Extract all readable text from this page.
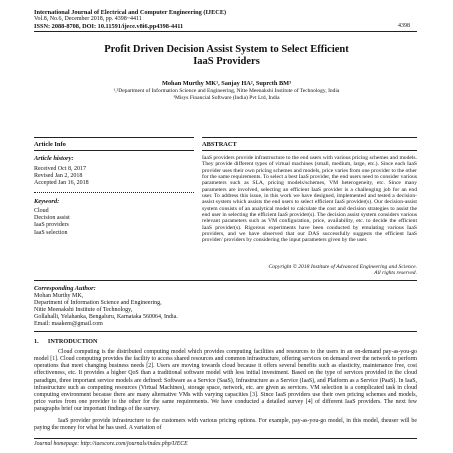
International Journal of Electrical and Computer Engineering (IJECE)
Vol.8, No.6, December 2018, pp. 4398~4411
ISSN: 2088-8708, DOI: 10.11591/ijece.v8i6.pp4398-4411	4398
Profit Driven Decision Assist System to Select Efficient
IaaS Providers
Mohan Murthy MK¹, Sanjay HA², Suprcth BM³
¹,²Department of Information Science and Engineering, Nitte Meenakshi Institute of Technology, India
³Misys Financial Software (India) Pvt Ltd, India
Article Info
Article history:
Received Oct 8, 2017
Revised Jan 2, 2018
Accepted Jan 16, 2018
Keyword:
Cloud
Decision assist
IaaS providers
IaaS selection
ABSTRACT
IaaS providers provide infrastructure to the end users with various pricing schemes and models. They provide different types of virtual machines (small, medium, large, etc.). Since each IaaS provider uses their own pricing schemes and models, price varies from one provider to the other for the same requirements. To select a best IaaS provider, the end users need to consider various parameters such as SLA, pricing models/schemes, VM heterogeneity, etc. Since many parameters are involved, selecting an efficient IaaS provider is a challenging job for an end user. To address this issue, in this work we have designed, implemented and tested a decision-assist system which assists the end users to select efficient IaaS provider(s). Our decision-assist system consists of an analytical model to calculate the cost and decision strategies to assist the end user in selecting the efficient IaaS provider(s). The decision assist system considers various relevant parameters such as VM configuration, price, availability, etc. to decide the efficient IaaS provider(s). Rigorous experiments have been conducted by emulating various IaaS providers, and we have observed that our DAS successfully suggests the efficient IaaS provider/ providers by considering the input parameters given by the user.
Copyright © 2018 Institute of Advanced Engineering and Science.
All rights reserved.
Corresponding Author:
Mohan Murthy MK,
Department of Information Science and Engineering,
Nitte Meenakshi Institute of Technology,
Gollahalli, Yelahanka, Bengaluru, Karnataka 560064, India.
Email: maakem@gmail.com
1.      INTRODUCTION
Cloud computing is the distributed computing model which provides computing facilities and resources to the users in an on-demand pay-as-you-go model [1]. Cloud computing provides the facility to access shared resources and common infrastructure, offering services on demand over the network to perform operations that meet changing business needs [2]. Users are moving towards cloud because it offers several benefits such as elasticity, maintenance free, cost effectiveness, etc. It provides a higher QoS than a traditional software model with less initial investment. Based on the type of services provided in the cloud paradigm, three important service models are defined: Software as a Service (SaaS), Infrastructure as a Service (IaaS), and Platform as a Service (PaaS). In IaaS, infrastructure such as computing resources (Virtual Machines), storage space, network, etc. are given as services. VM selection is a complicated task in cloud computing environment because there are many alternative VMs with varying capacities [3]. Since IaaS providers use their own pricing schemes and models, price varies from one provider to the other for the same requirements. We have conducted a detailed survey [4] of different IaaS providers. The next few paragraphs brief our important findings of the survey.
IaaS provider provide infrastructure to the customers with various pricing options. For example, pay-as-you-go model, in this model, theuser will be paying the money for what he has used. A variation of
Journal homepage: http://iaescore.com/journals/index.php/IJECE
